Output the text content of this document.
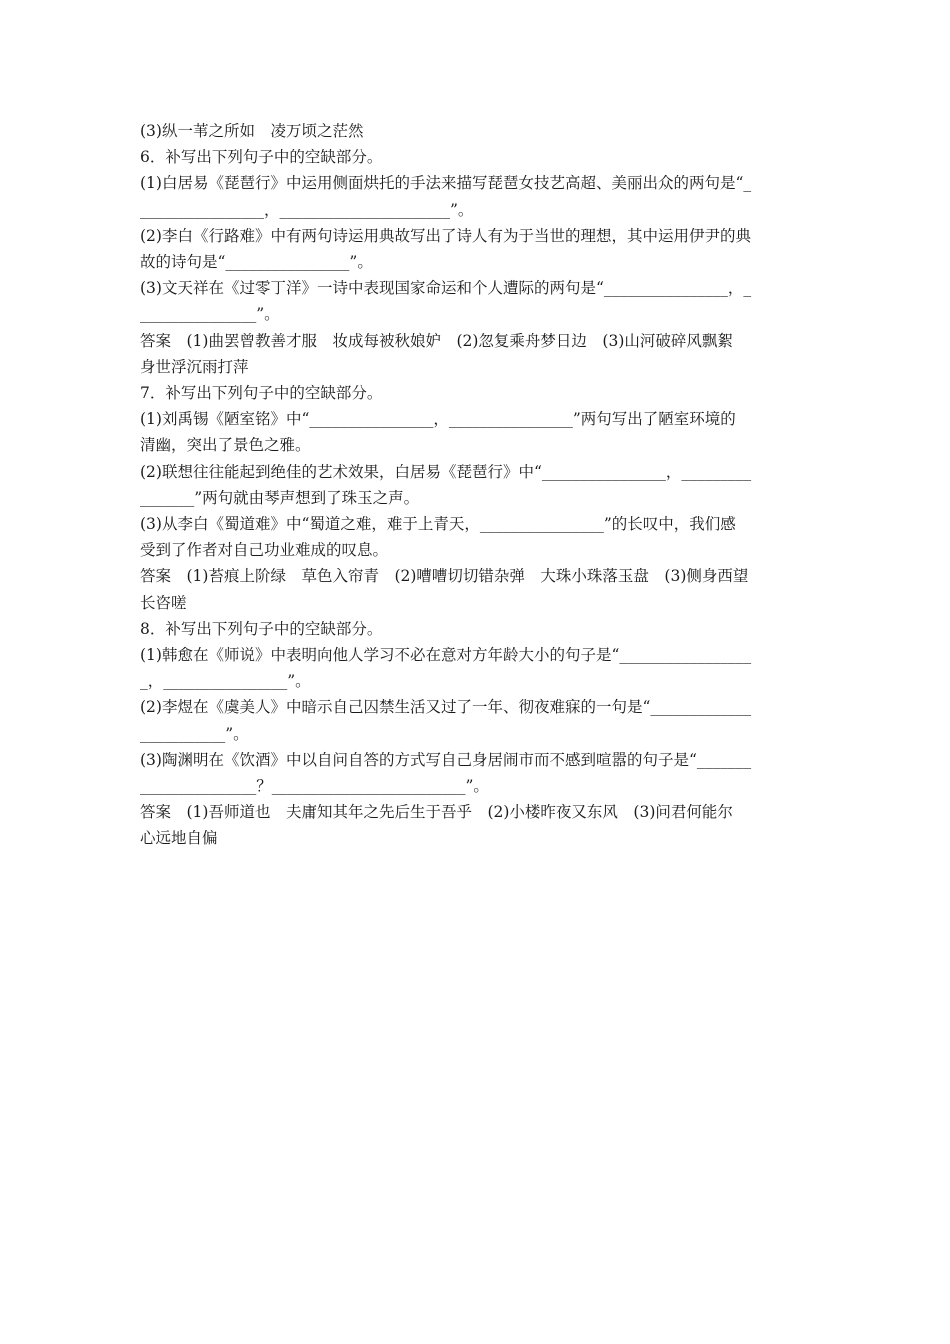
(3)纵一苇之所如　凌万顷之茫然
6．补写出下列句子中的空缺部分。
(1)白居易《琵琶行》中运用侧面烘托的手法来描写琵琶女技艺高超、美丽出众的两句是“_
________________，______________________”。
(2)李白《行路难》中有两句诗运用典故写出了诗人有为于当世的理想，其中运用伊尹的典
故的诗句是“________________”。
(3)文天祥在《过零丁洋》一诗中表现国家命运和个人遭际的两句是“________________，_
_______________”。
答案　(1)曲罢曾教善才服　妆成每被秋娘妒　(2)忽复乘舟梦日边　(3)山河破碎风飘絮
身世浮沉雨打萍
7．补写出下列句子中的空缺部分。
(1)刘禹锡《陋室铭》中“________________，________________”两句写出了陋室环境的
清幽，突出了景色之雅。
(2)联想往往能起到绝佳的艺术效果，白居易《琵琶行》中“________________，_________
_______”两句就由琴声想到了珠玉之声。
(3)从李白《蜀道难》中“蜀道之难，难于上青天，________________”的长叹中，我们感
受到了作者对自己功业难成的叹息。
答案　(1)苔痕上阶绿　草色入帘青　(2)嘈嘈切切错杂弹　大珠小珠落玉盘　(3)侧身西望
长咨嗟
8．补写出下列句子中的空缺部分。
(1)韩愈在《师说》中表明向他人学习不必在意对方年龄大小的句子是“_________________
_，________________”。
(2)李煜在《虞美人》中暗示自己囚禁生活又过了一年、彻夜难寐的一句是“_____________
___________”。
(3)陶渊明在《饮酒》中以自问自答的方式写自己身居闹市而不感到喧嚣的句子是“_______
_______________？_________________________”。
答案　(1)吾师道也　夫庸知其年之先后生于吾乎　(2)小楼昨夜又东风　(3)问君何能尔
心远地自偏
